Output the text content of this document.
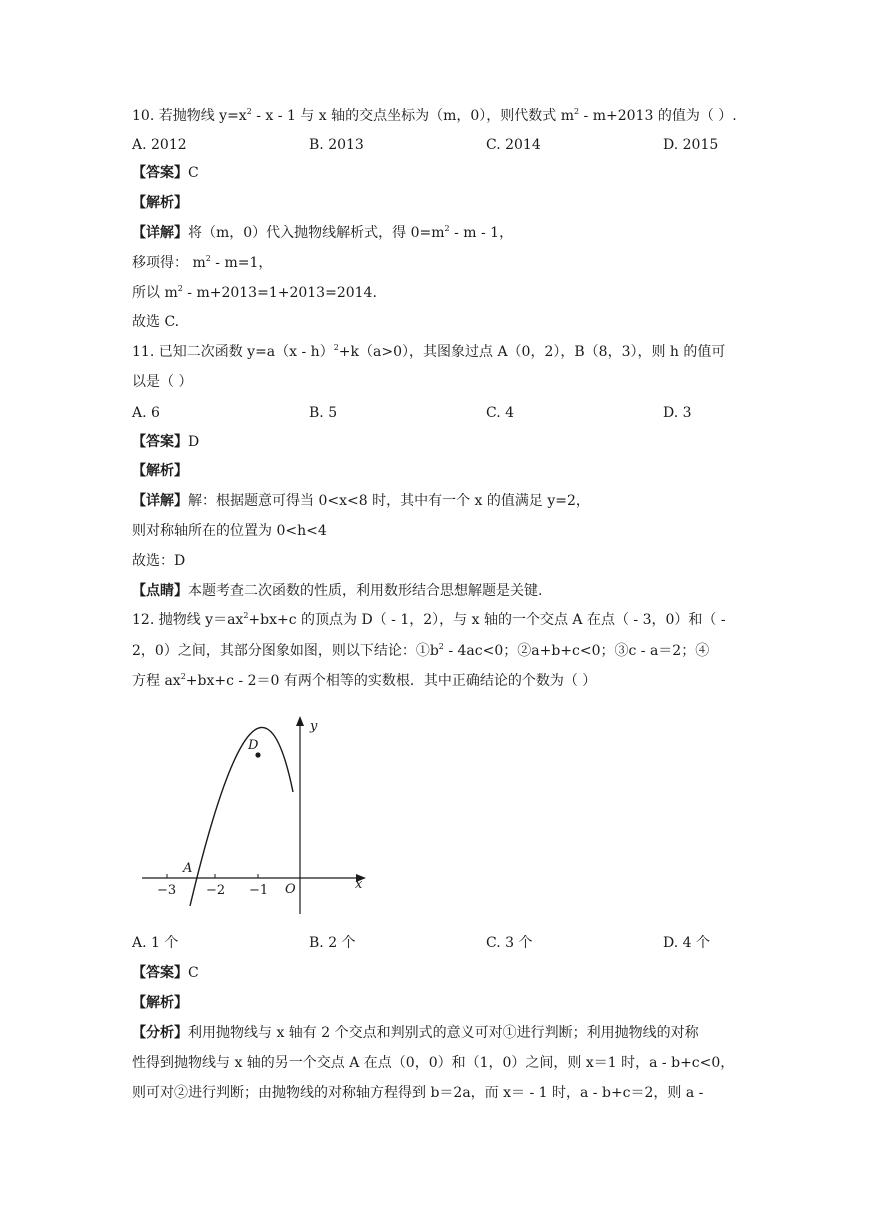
10. 若抛物线 $y=x^2 - x - 1$ 与 x 轴的交点坐标为（m，0），则代数式 $m^2 - m+2013$ 的值为（ ）.
A. 2012	B. 2013	C. 2014	D. 2015
【答案】C
【解析】
【详解】将（m，0）代入抛物线解析式，得 $0=m^2 - m - 1$，
移项得： $m^2 - m=1$，
所以 $m^2 - m+2013=1+2013=2014$.
故选 C.
11. 已知二次函数 y=a（x - h）$^2$+k（a>0），其图象过点 A（0，2），B（8，3），则 h 的值可
以是（ ）
A. 6	B. 5	C. 4	D. 3
【答案】D
【解析】
【详解】解：根据题意可得当 0<x<8 时，其中有一个 x 的值满足 y=2，
则对称轴所在的位置为 0<h<4
故选：D
【点睛】本题考查二次函数的性质，利用数形结合思想解题是关键.
12. 抛物线 $y=ax^2+bx+c$ 的顶点为 D（ - 1，2），与 x 轴的一个交点 A 在点（ - 3，0）和（ -
2，0）之间，其部分图象如图，则以下结论：$①b^2 - 4ac<0$；②a+b+c<0；③c - a＝2；④
方程 $ax^2+bx+c - 2=0$ 有两个相等的实数根．其中正确结论的个数为（ ）
y
x
O
D
A
−3 −2 −1
A. 1 个	B. 2 个	C. 3 个	D. 4 个
【答案】C
【解析】
【分析】利用抛物线与 x 轴有 2 个交点和判别式的意义可对①进行判断；利用抛物线的对称
性得到抛物线与 x 轴的另一个交点 A 在点（0，0）和（1，0）之间，则 x＝1 时，a - b+c<0，
则可对②进行判断；由抛物线的对称轴方程得到 b＝2a，而 x＝ - 1 时，a - b+c＝2，则 a -
